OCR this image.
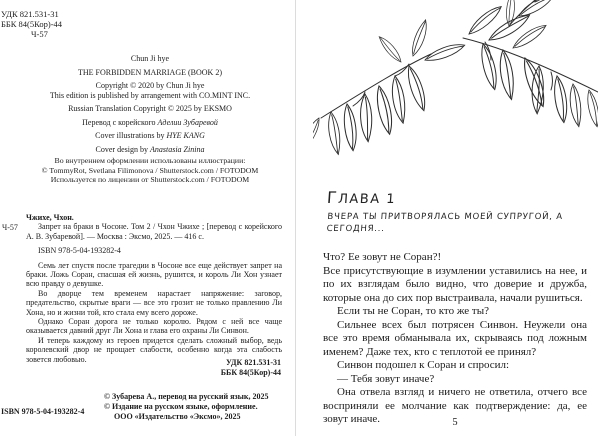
УДК 821.531-31
ББК 84(5Кор)-44
Ч-57
Chun Ji hye
THE FORBIDDEN MARRIAGE (BOOK 2)
Copyright © 2020 by Chun Ji hye
This edition is published by arrangement with CO.MINT INC.
Russian Translation Copyright © 2025 by EKSMO
Перевод с корейского Аделии Зубаревой
Cover illustrations by HYE KANG
Cover design by Anastasia Zinina
Во внутреннем оформлении использованы иллюстрации:
© TommyRot, Svetlana Filimonova / Shutterstock.com / FOTODOM
Используется по лицензии от Shutterstock.com / FOTODOM
Ч-57
Чжихе, Чхон.

Запрет на браки в Чосоне. Том 2 / Чхон Чжихе ; [перевод с корейского А. В. Зубаревой]. — Москва : Эксмо, 2025. — 416 с.

ISBN 978-5-04-193282-4

Семь лет спустя после трагедии в Чосоне все еще действует запрет на браки. Ложь Соран, спасшая ей жизнь, рушится, и король Ли Хон узнает всю правду о девушке.

Во дворце тем временем нарастает напряжение: заговор, предательство, скрытые враги — все это грозит не только правлению Ли Хона, но и жизни той, кто стала ему всего дороже.

Однако Соран дорога не только королю. Рядом с ней все чаще оказывается давний друг Ли Хона и глава его охраны Ли Синвон.

И теперь каждому из героев придется сделать сложный выбор, ведь королевский двор не прощает слабости, особенно когда эта слабость зовется любовью.	УДК 821.531-31
ББК 84(5Кор)-44
© Зубарева А., перевод на русский язык, 2025
© Издание на русском языке, оформление.
ООО «Издательство «Эксмо», 2025
ISBN 978-5-04-193282-4
ГЛАВА 1
ВЧЕРА ТЫ ПРИТВОРЯЛАСЬ МОЕЙ СУПРУГОЙ, А СЕГОДНЯ...

Что? Ее зовут не Соран?!

Все присутствующие в изумлении уставились на нее, и по их взглядам было видно, что доверие и дружба, которые она до сих пор выстраивала, начали рушиться.

Если ты не Соран, то кто же ты?

Сильнее всех был потрясен Синвон. Неужели она все это время обманывала их, скрываясь под ложным именем? Даже тех, кто с теплотой ее принял?

Синвон подошел к Соран и спросил:

— Тебя зовут иначе?

Она отвела взгляд и ничего не ответила, отчего все восприняли ее молчание как подтверждение: да, ее зовут иначе.	5
